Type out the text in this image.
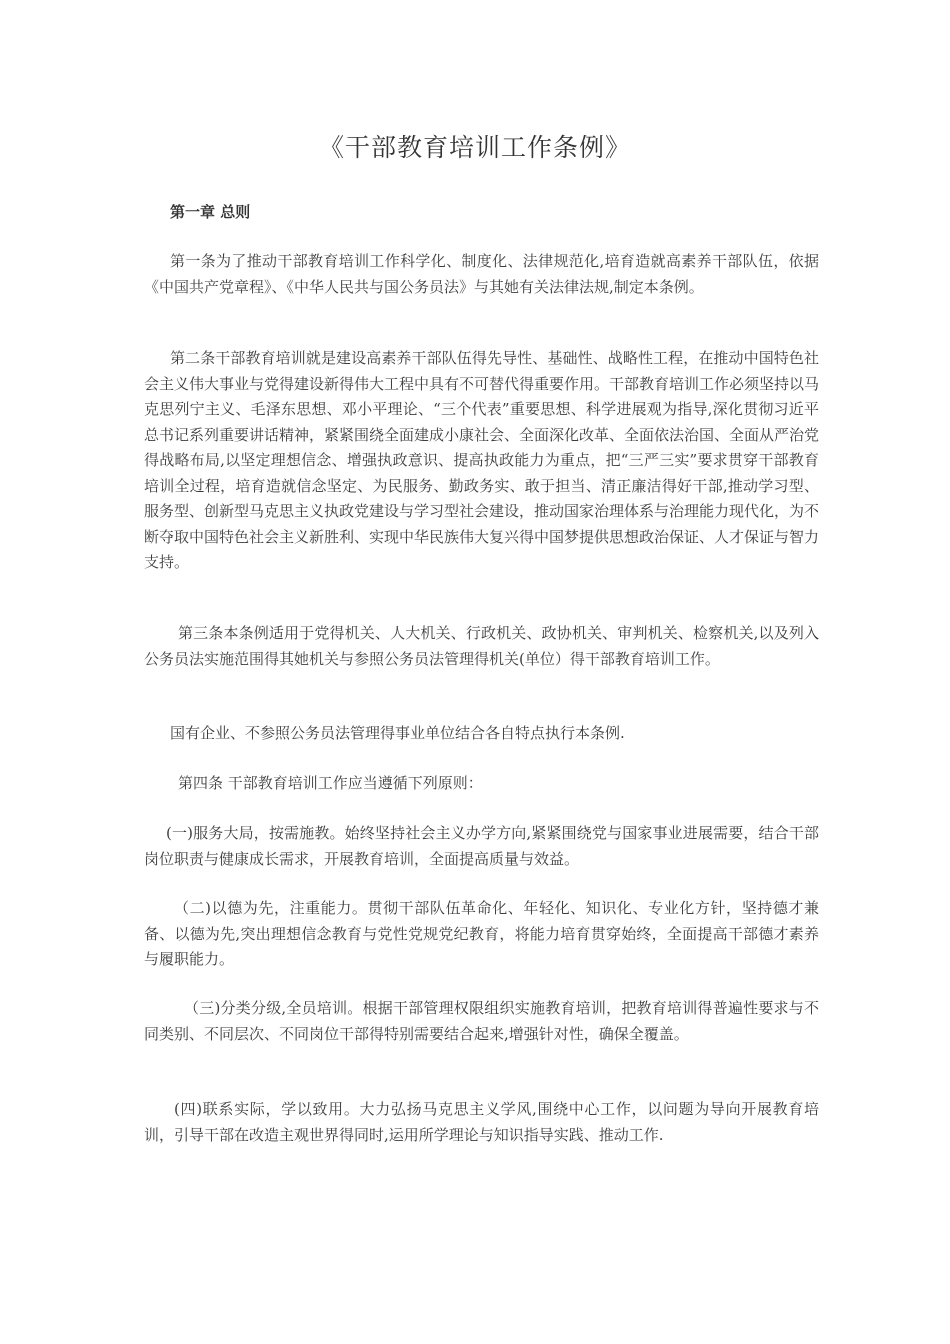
《干部教育培训工作条例》

第一章 总则

第一条为了推动干部教育培训工作科学化、制度化、法律规范化,培育造就高素养干部队伍，依据《中国共产党章程》、《中华人民共与国公务员法》与其她有关法律法规,制定本条例。

第二条干部教育培训就是建设高素养干部队伍得先导性、基础性、战略性工程，在推动中国特色社会主义伟大事业与党得建设新得伟大工程中具有不可替代得重要作用。干部教育培训工作必须坚持以马克思列宁主义、毛泽东思想、邓小平理论、“三个代表”重要思想、科学进展观为指导,深化贯彻习近平总书记系列重要讲话精神，紧紧围绕全面建成小康社会、全面深化改革、全面依法治国、全面从严治党得战略布局,以坚定理想信念、增强执政意识、提高执政能力为重点，把“三严三实”要求贯穿干部教育培训全过程，培育造就信念坚定、为民服务、勤政务实、敢于担当、清正廉洁得好干部,推动学习型、服务型、创新型马克思主义执政党建设与学习型社会建设，推动国家治理体系与治理能力现代化，为不断夺取中国特色社会主义新胜利、实现中华民族伟大复兴得中国梦提供思想政治保证、人才保证与智力支持。

第三条本条例适用于党得机关、人大机关、行政机关、政协机关、审判机关、检察机关,以及列入公务员法实施范围得其她机关与参照公务员法管理得机关(单位）得干部教育培训工作。

国有企业、不参照公务员法管理得事业单位结合各自特点执行本条例.

第四条 干部教育培训工作应当遵循下列原则：

(一)服务大局，按需施教。始终坚持社会主义办学方向,紧紧围绕党与国家事业进展需要，结合干部岗位职责与健康成长需求，开展教育培训，全面提高质量与效益。

（二)以德为先，注重能力。贯彻干部队伍革命化、年轻化、知识化、专业化方针，坚持德才兼备、以德为先,突出理想信念教育与党性党规党纪教育，将能力培育贯穿始终，全面提高干部德才素养与履职能力。

（三)分类分级,全员培训。根据干部管理权限组织实施教育培训，把教育培训得普遍性要求与不同类别、不同层次、不同岗位干部得特别需要结合起来,增强针对性，确保全覆盖。

(四)联系实际，学以致用。大力弘扬马克思主义学风,围绕中心工作，以问题为导向开展教育培训，引导干部在改造主观世界得同时,运用所学理论与知识指导实践、推动工作.
